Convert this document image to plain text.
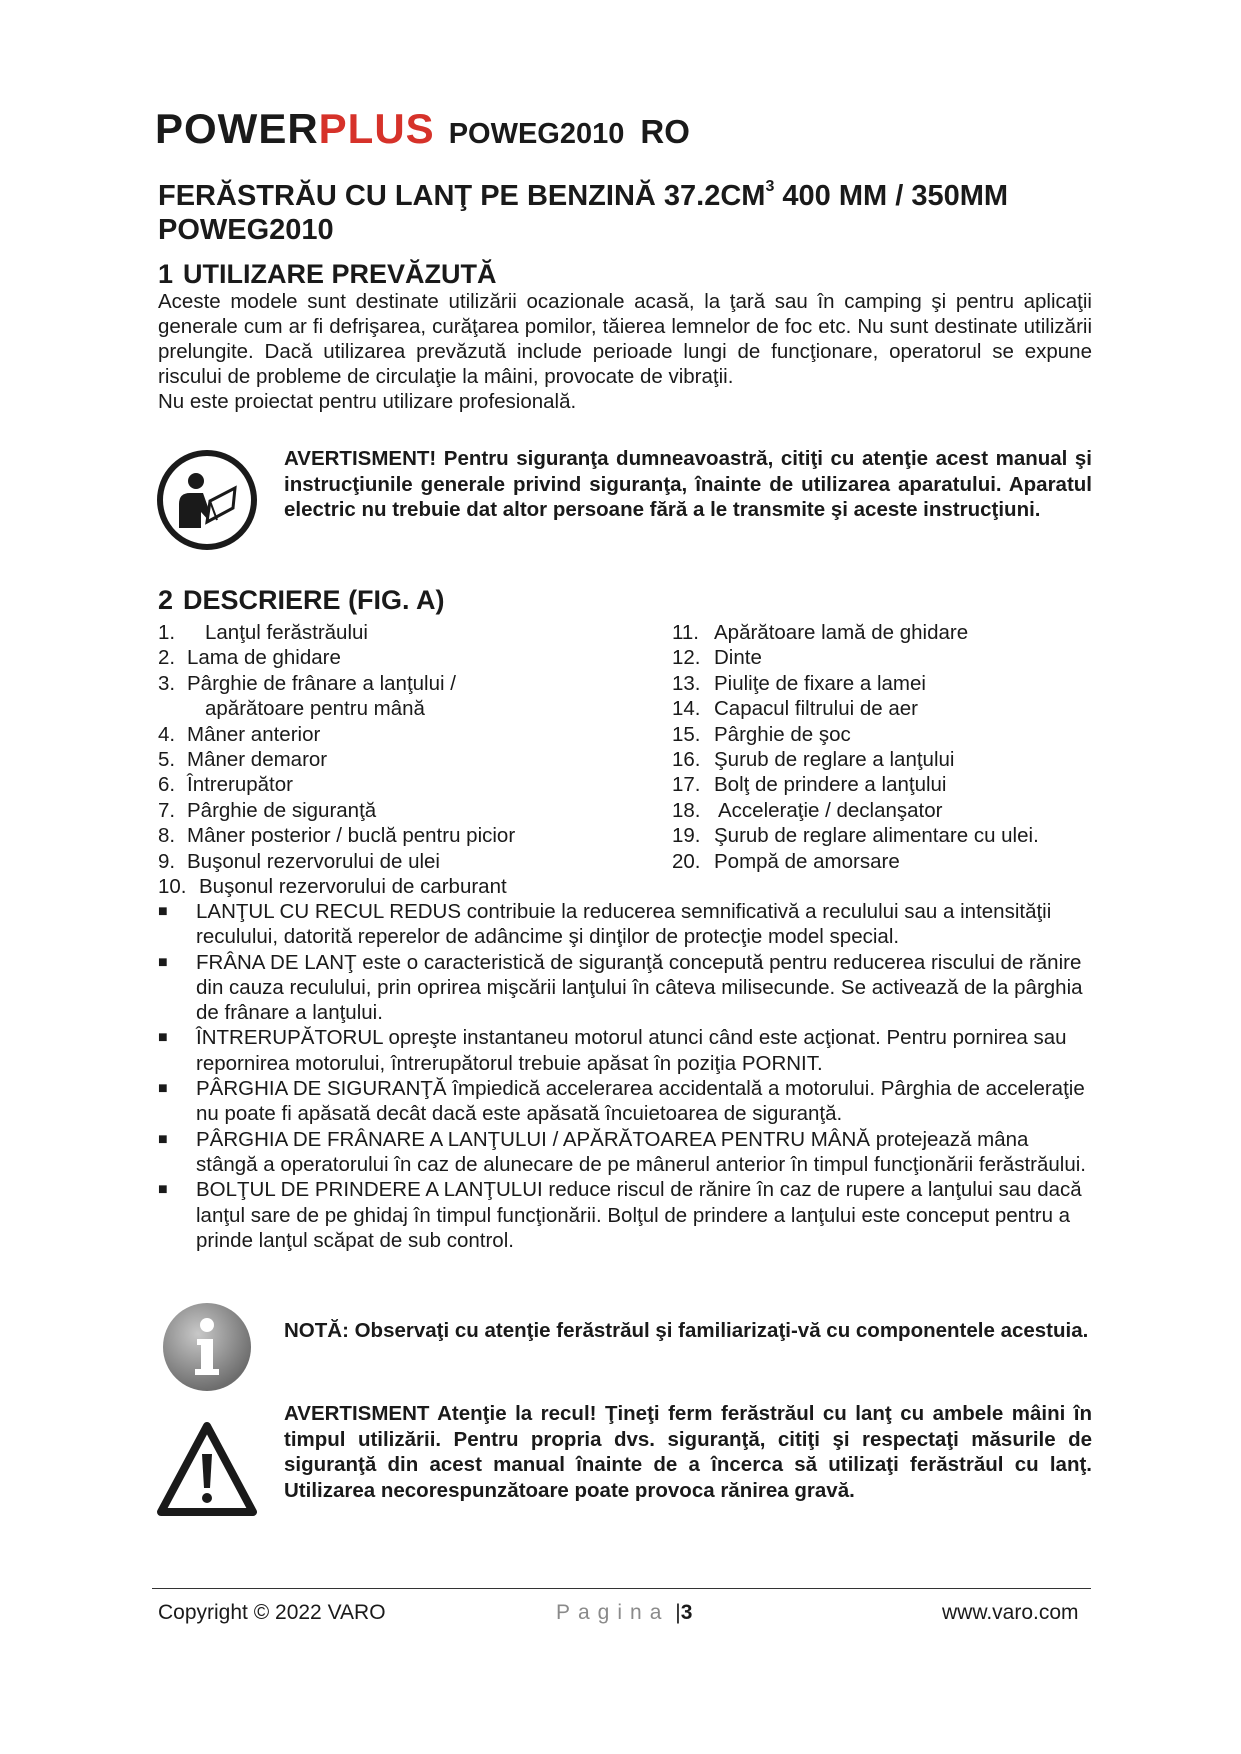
POWERPLUS POWEG2010 RO
FERĂSTRĂU CU LANŢ PE BENZINĂ $37.2CM^3$ 400 MM / 350MM
POWEG2010
1 UTILIZARE PREVĂZUTĂ

Aceste modele sunt destinate utilizării ocazionale acasă, la ţară sau în camping şi pentru aplicaţii generale cum ar fi defrişarea, curăţarea pomilor, tăierea lemnelor de foc etc. Nu sunt destinate utilizării prelungite. Dacă utilizarea prevăzută include perioade lungi de funcţionare, operatorul se expune riscului de probleme de circulaţie la mâini, provocate de vibraţii.

Nu este proiectat pentru utilizare profesională.

AVERTISMENT! Pentru siguranţa dumneavoastră, citiţi cu atenţie acest manual şi instrucţiunile generale privind siguranţa, înainte de utilizarea aparatului. Aparatul electric nu trebuie dat altor persoane fără a le transmite şi aceste instrucţiuni.
2 DESCRIERE (FIG. A)
1.	Lanţul ferăstrăului
2. Lama de ghidare
3. Pârghie de frânare a lanţului /
apărătoare pentru mână
4. Mâner anterior
5. Mâner demaror
6. Întrerupător
7. Pârghie de siguranţă
8. Mâner posterior / buclă pentru picior
9. Buşonul rezervorului de ulei
10. Buşonul rezervorului de carburant
11. Apărătoare lamă de ghidare
12. Dinte
13. Piuliţe de fixare a lamei
14. Capacul filtrului de aer
15. Pârghie de şoc
16. Şurub de reglare a lanţului
17. Bolţ de prindere a lanţului
18. Acceleraţie / declanşator
19. Şurub de reglare alimentare cu ulei.
20. Pompă de amorsare
■	LANŢUL CU RECUL REDUS contribuie la reducerea semnificativă a reculului sau a intensităţii reculului, datorită reperelor de adâncime şi dinţilor de protecţie model special.
■	FRÂNA DE LANŢ este o caracteristică de siguranţă concepută pentru reducerea riscului de rănire din cauza reculului, prin oprirea mişcării lanţului în câteva milisecunde. Se activează de la pârghia de frânare a lanţului.
■	ÎNTRERUPĂTORUL opreşte instantaneu motorul atunci când este acţionat. Pentru pornirea sau repornirea motorului, întrerupătorul trebuie apăsat în poziţia PORNIT.
■	PÂRGHIA DE SIGURANŢĂ împiedică accelerarea accidentală a motorului. Pârghia de acceleraţie nu poate fi apăsată decât dacă este apăsată încuietoarea de siguranţă.
■	PÂRGHIA DE FRÂNARE A LANŢULUI / APĂRĂTOAREA PENTRU MÂNĂ protejează mâna stângă a operatorului în caz de alunecare de pe mânerul anterior în timpul funcţionării ferăstrăului.
■	BOLŢUL DE PRINDERE A LANŢULUI reduce riscul de rănire în caz de rupere a lanţului sau dacă lanţul sare de pe ghidaj în timpul funcţionării. Bolţul de prindere a lanţului este conceput pentru a prinde lanţul scăpat de sub control.
NOTĂ: Observaţi cu atenţie ferăstrăul şi familiarizaţi-vă cu componentele acestuia.
AVERTISMENT Atenţie la recul! Ţineţi ferm ferăstrăul cu lanţ cu ambele mâini în timpul utilizării. Pentru propria dvs. siguranţă, citiţi şi respectaţi măsurile de siguranţă din acest manual înainte de a încerca să utilizaţi ferăstrăul cu lanţ. Utilizarea necorespunzătoare poate provoca rănirea gravă.
Copyright © 2022 VARO	Pagina |3	www.varo.com
